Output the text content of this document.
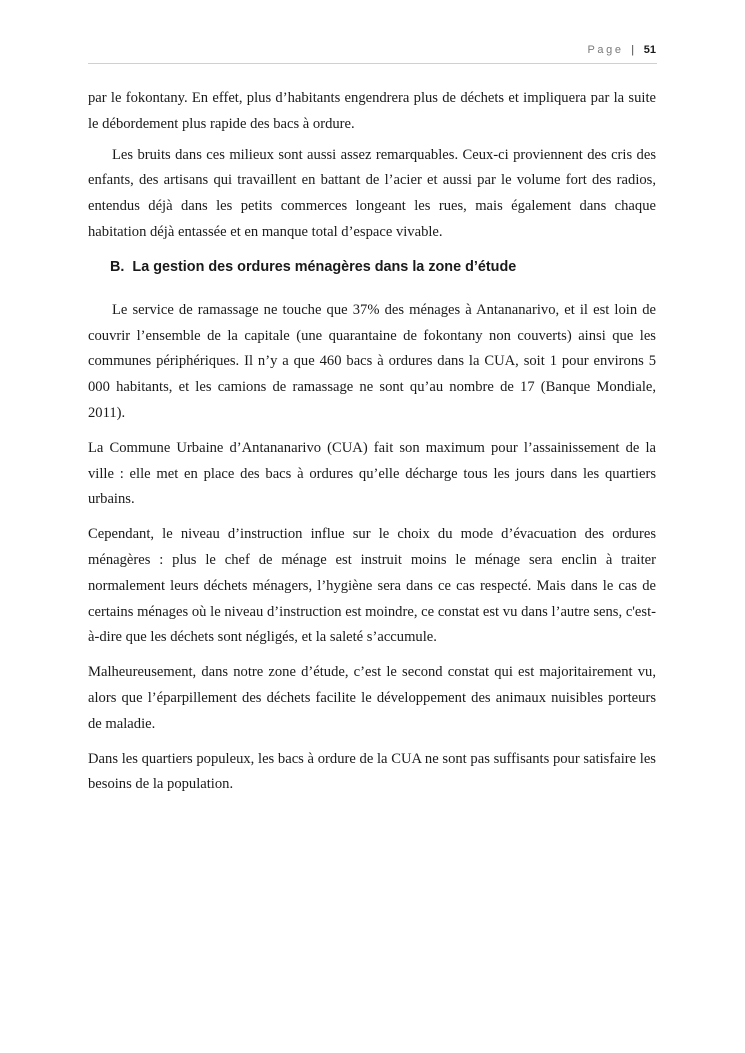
Page | 51

par le fokontany. En effet, plus d’habitants engendrera plus de déchets et impliquera par la suite le débordement plus rapide des bacs à ordure.

Les bruits dans ces milieux sont aussi assez remarquables. Ceux-ci proviennent des cris des enfants, des artisans qui travaillent en battant de l’acier et aussi par le volume fort des radios, entendus déjà dans les petits commerces longeant les rues, mais également dans chaque habitation déjà entassée et en manque total d’espace vivable.

B. La gestion des ordures ménagères dans la zone d’étude

Le service de ramassage ne touche que 37% des ménages à Antananarivo, et il est loin de couvrir l’ensemble de la capitale (une quarantaine de fokontany non couverts) ainsi que les communes périphériques. Il n’y a que 460 bacs à ordures dans la CUA, soit 1 pour environs 5 000 habitants, et les camions de ramassage ne sont qu’au nombre de 17 (Banque Mondiale, 2011).

La Commune Urbaine d’Antananarivo (CUA) fait son maximum pour l’assainissement de la ville : elle met en place des bacs à ordures qu’elle décharge tous les jours dans les quartiers urbains.

Cependant, le niveau d’instruction influe sur le choix du mode d’évacuation des ordures ménagères : plus le chef de ménage est instruit moins le ménage sera enclin à traiter normalement leurs déchets ménagers, l’hygiène sera dans ce cas respecté. Mais dans le cas de certains ménages où le niveau d’instruction est moindre, ce constat est vu dans l’autre sens, c'est-à-dire que les déchets sont négligés, et la saleté s’accumule.

Malheureusement, dans notre zone d’étude, c’est le second constat qui est majoritairement vu, alors que l’éparpillement des déchets facilite le développement des animaux nuisibles porteurs de maladie.

Dans les quartiers populeux, les bacs à ordure de la CUA ne sont pas suffisants pour satisfaire les besoins de la population.
